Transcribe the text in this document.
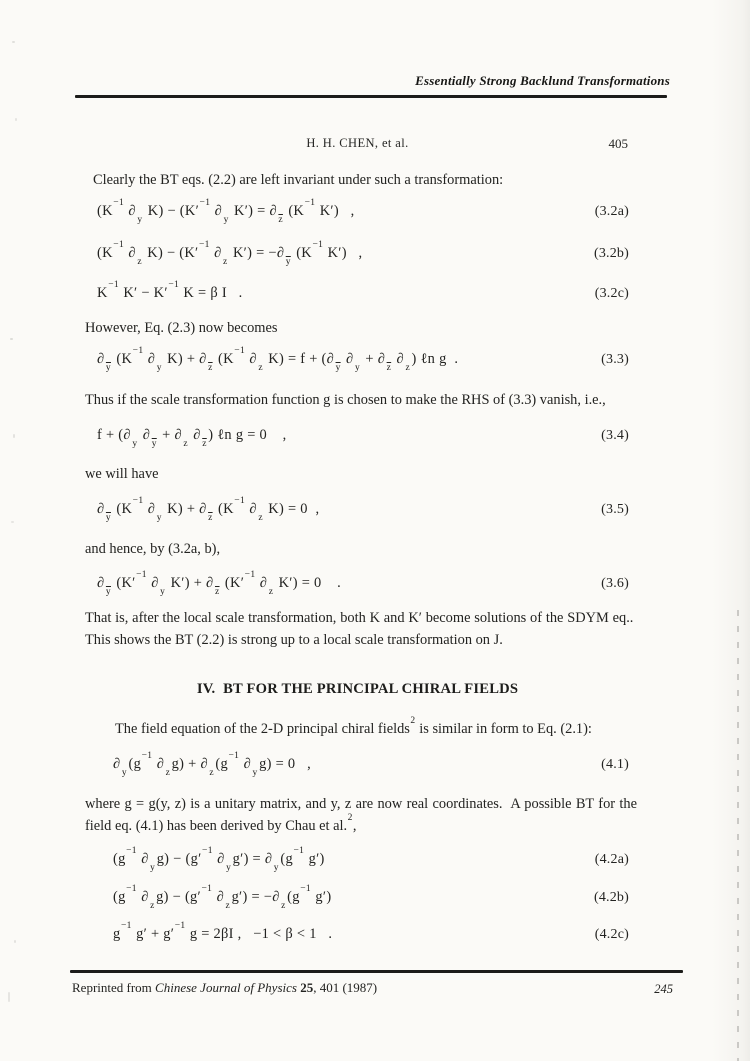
Essentially Strong Backlund Transformations
H. H. CHEN, et al.	405
Clearly the BT eqs. (2.2) are left invariant under such a transformation:
($K^{-1}$ $\partial_y$ $K) - (K'^{-1}$ $\partial_y$ $K') = \partial_{\overline{z}}$ ($K^{-1}$ K′)   ,	(3.2a)
($K^{-1}$ $\partial_z$ $K) - (K'^{-1}$ $\partial_z$ $K') = -\partial_{\overline{y}}$ ($K^{-1}$ K′)   ,	(3.2b)
$K^{-1}$ $K' - K'^{-1}$ K = β I   .	(3.2c)
However, Eq. (2.3) now becomes
$\partial_{\overline{y}}$ ($K^{-1}$ $\partial_y$ $K) + \partial_{\overline{z}}$ ($K^{-1}$ $\partial_z$ $K) = f + (\partial_{\overline{y}}$ $\partial_y + \partial_{\overline{z}}$ $\partial_z$) ℓn g  .	(3.3)
Thus if the scale transformation function g is chosen to make the RHS of (3.3) vanish, i.e.,
$f + (\partial_y$ $\partial_{\overline{y}} + \partial_z$ $\partial_{\overline{z}}$) ℓn g = 0    ,	(3.4)
we will have
$\partial_{\overline{y}}$ ($K^{-1}$ $\partial_y$ $K) + \partial_{\overline{z}}$ ($K^{-1}$ $\partial_z$ K) = 0  ,	(3.5)
and hence, by (3.2a, b),
$\partial_{\overline{y}}$ ($K'^{-1}$ $\partial_y$ $K') + \partial_{\overline{z}}$ ($K'^{-1}$ $\partial_z$ K′) = 0    .	(3.6)
That is, after the local scale transformation, both K and K′ become solutions of the SDYM eq..  This shows the BT (2.2) is strong up to a local scale transformation on J.
IV.  BT FOR THE PRINCIPAL CHIRAL FIELDS
The field equation of the 2-D principal chiral fields$^2$ is similar in form to Eq. (2.1):
$\partial_y(g^{-1}$ $\partial_zg) + \partial_z(g^{-1}$ $\partial_yg) = 0$   ,	(4.1)
where g = g(y, z) is a unitary matrix, and y, z are now real coordinates.  A possible BT for the field eq. (4.1) has been derived by Chau et al.$^2$,
($g^{-1}$ $\partial_yg) - (g'^{-1}$ $\partial_yg') = \partial_y(g^{-1}$ g′)	(4.2a)
($g^{-1}$ $\partial_zg) - (g'^{-1}$ $\partial_zg') = -\partial_z(g^{-1}$ g′)	(4.2b)
$g^{-1}$ $g' + g'^{-1}$ g = 2βI ,   −1 < β < 1   .	(4.2c)
Reprinted from Chinese Journal of Physics 25, 401 (1987)	245
